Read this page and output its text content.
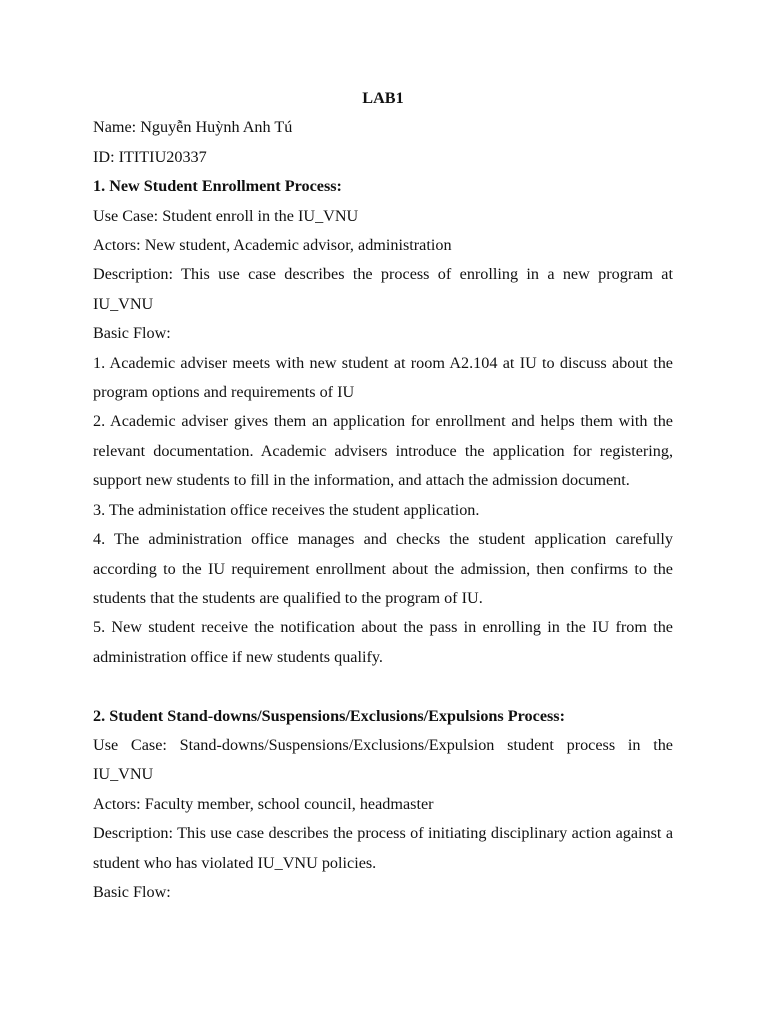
LAB1

Name: Nguyễn Huỳnh Anh Tú

ID: ITITIU20337

1. New Student Enrollment Process:

Use Case: Student enroll in the IU_VNU

Actors: New student, Academic advisor, administration

Description: This use case describes the process of enrolling in a new program at IU_VNU

Basic Flow:

1. Academic adviser meets with new student at room A2.104 at IU to discuss about the program options and requirements of IU

2. Academic adviser gives them an application for enrollment and helps them with the relevant documentation. Academic advisers introduce the application for registering, support new students to fill in the information, and attach the admission document.

3. The administation office receives the student application.

4. The administration office manages and checks the student application carefully according to the IU requirement enrollment about the admission, then confirms to the students that the students are qualified to the program of IU.

5. New student receive the notification about the pass in enrolling in the IU from the administration office if new students qualify.

2. Student Stand-downs/Suspensions/Exclusions/Expulsions Process:

Use Case: Stand-downs/Suspensions/Exclusions/Expulsion student process in the IU_VNU

Actors: Faculty member, school council, headmaster

Description: This use case describes the process of initiating disciplinary action against a student who has violated IU_VNU policies.

Basic Flow:
